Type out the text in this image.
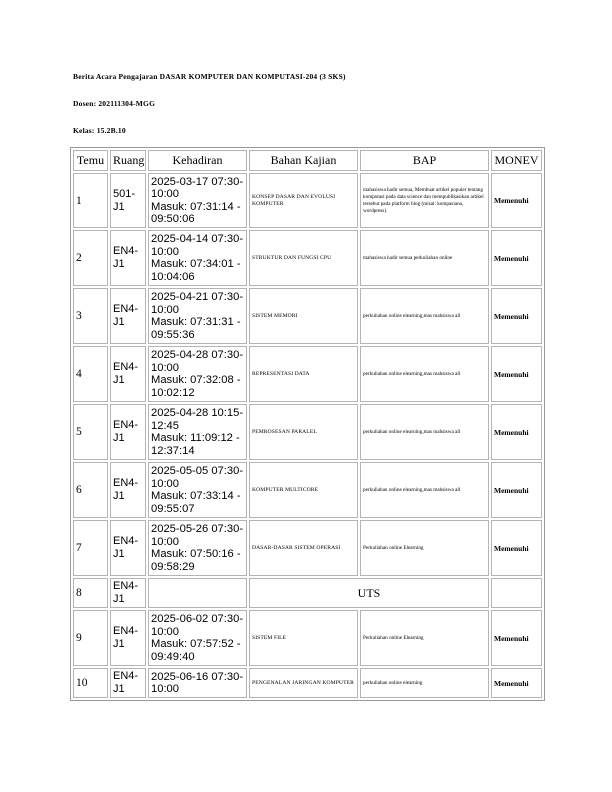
Berita Acara Pengajaran DASAR KOMPUTER DAN KOMPUTASI-204 (3 SKS)
Dosen: 202111304-MGG
Kelas: 15.2B.10
Temu	Ruang	Kehadiran	Bahan Kajian	BAP	MONEV
1	501-J1	2025-03-17 07:30-10:00
Masuk: 07:31:14 - 09:50:06	KONSEP DASAR DAN EVOLUSI KOMPUTER	mahasiswa hadir semua, Membuat artikel populer tentang komputasi pada data science dan mempublikasikan artikel tersebut pada platform blog (misal: kompasiana, wordpress).	Memenuhi
2	EN4-J1	2025-04-14 07:30-10:00
Masuk: 07:34:01 - 10:04:06	STRUKTUR DAN FUNGSI CPU	mahasiswa hadir semua perkuliahan online	Memenuhi
3	EN4-J1	2025-04-21 07:30-10:00
Masuk: 07:31:31 - 09:55:36	SISTEM MEMORI	perkuliahan online elearning,mas mahsiswa all	Memenuhi
4	EN4-J1	2025-04-28 07:30-10:00
Masuk: 07:32:08 - 10:02:12	REPRESENTASI DATA	perkuliahan online elearning,mas mahsiswa all	Memenuhi
5	EN4-J1	2025-04-28 10:15-12:45
Masuk: 11:09:12 - 12:37:14	PEMROSESAN PARALEL	perkuliahan online elearning,mas mahsiswa all	Memenuhi
6	EN4-J1	2025-05-05 07:30-10:00
Masuk: 07:33:14 - 09:55:07	KOMPUTER MULTICORE	perkuliahan online elearning,mas mahsiswa all	Memenuhi
7	EN4-J1	2025-05-26 07:30-10:00
Masuk: 07:50:16 - 09:58:29	DASAR-DASAR SISTEM OPERASI	Perkuliahan online Elearning	Memenuhi
8	EN4-J1		UTS		
9	EN4-J1	2025-06-02 07:30-10:00
Masuk: 07:57:52 - 09:49:40	SISTEM FILE	Perkuliahan online Elearning	Memenuhi
10	EN4-J1	2025-06-16 07:30-10:00	PENGENALAN JARINGAN KOMPUTER	perkuliahan online elearning	Memenuhi
